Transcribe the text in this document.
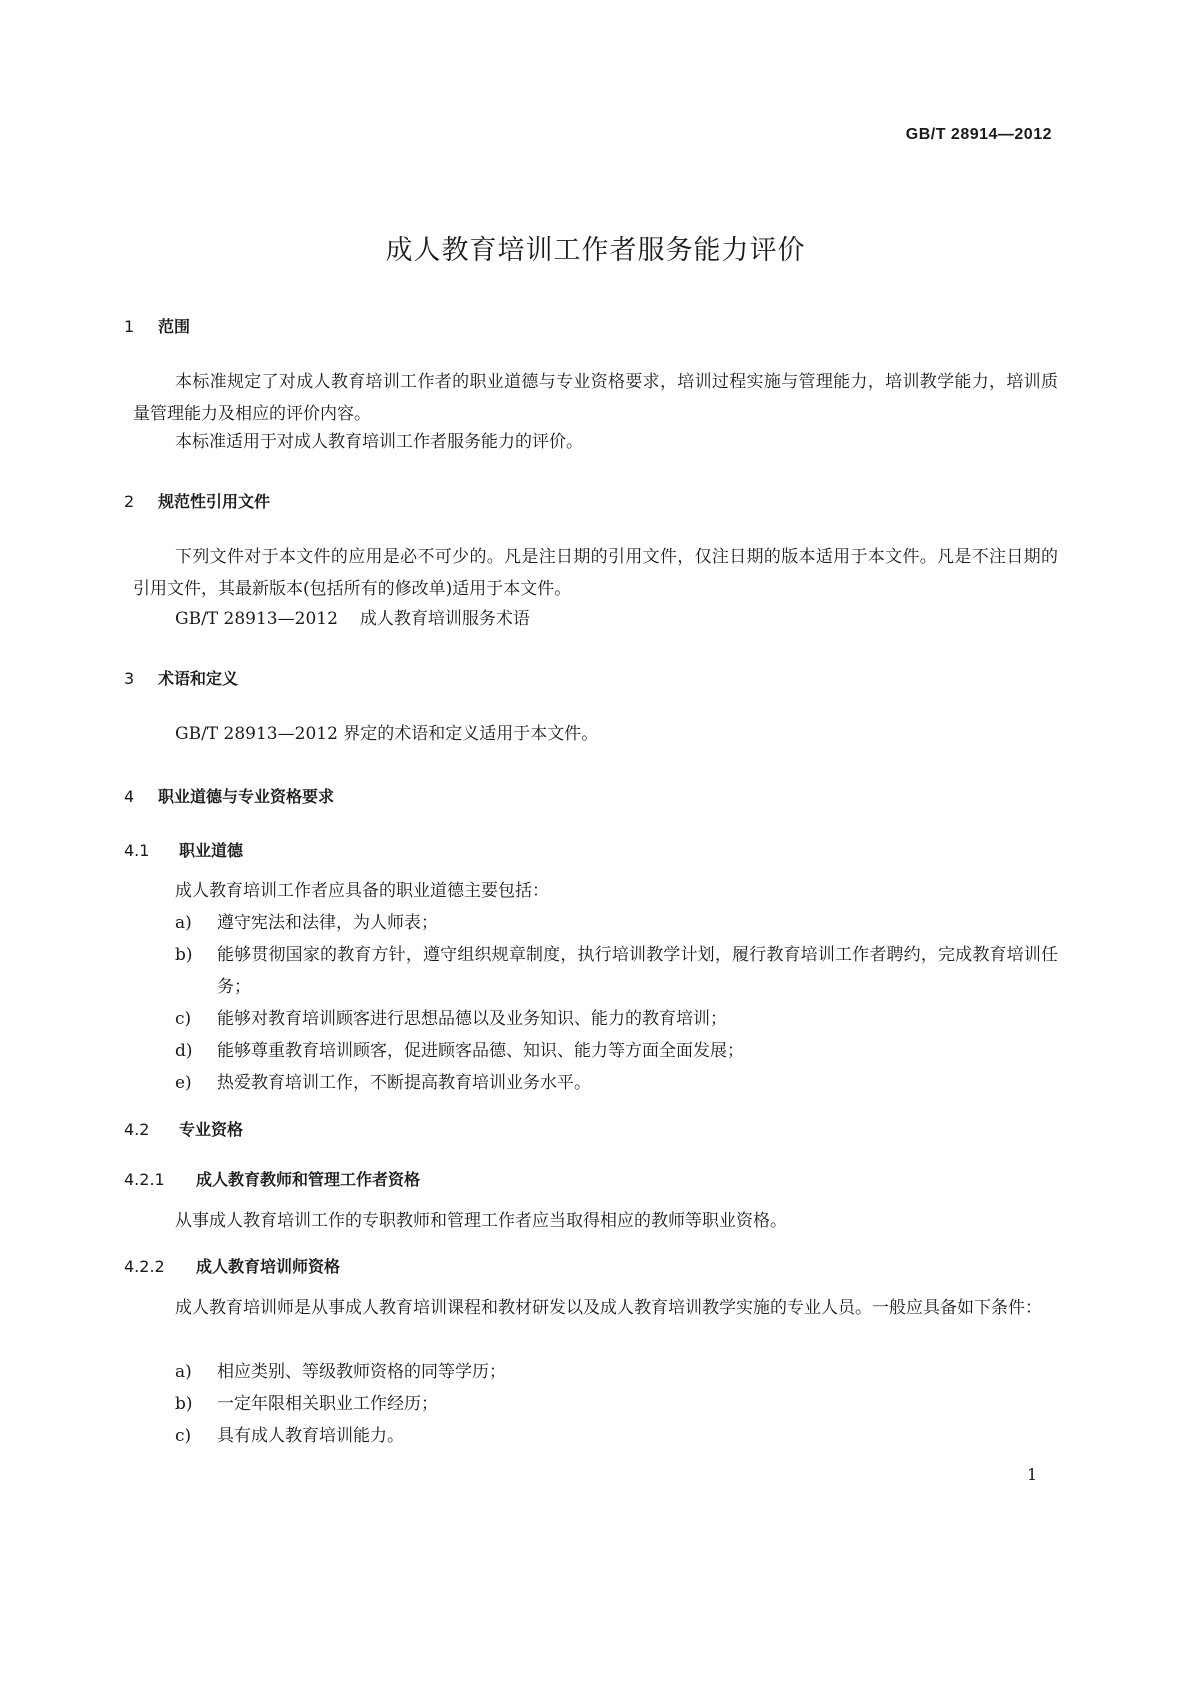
GB/T 28914—2012
成人教育培训工作者服务能力评价
1 范围

本标准规定了对成人教育培训工作者的职业道德与专业资格要求，培训过程实施与管理能力，培训教学能力，培训质量管理能力及相应的评价内容。

本标准适用于对成人教育培训工作者服务能力的评价。
2 规范性引用文件

下列文件对于本文件的应用是必不可少的。凡是注日期的引用文件，仅注日期的版本适用于本文件。凡是不注日期的引用文件，其最新版本(包括所有的修改单)适用于本文件。

GB/T 28913—2012 成人教育培训服务术语
3 术语和定义
GB/T 28913—2012 界定的术语和定义适用于本文件。
4 职业道德与专业资格要求
4.1 职业道德
成人教育培训工作者应具备的职业道德主要包括：
a) 遵守宪法和法律，为人师表；
b)	能够贯彻国家的教育方针，遵守组织规章制度，执行培训教学计划，履行教育培训工作者聘约，完成教育培训任务；
c) 能够对教育培训顾客进行思想品德以及业务知识、能力的教育培训；
d) 能够尊重教育培训顾客，促进顾客品德、知识、能力等方面全面发展；
e) 热爱教育培训工作，不断提高教育培训业务水平。
4.2 专业资格
4.2.1 成人教育教师和管理工作者资格
从事成人教育培训工作的专职教师和管理工作者应当取得相应的教师等职业资格。
4.2.2 成人教育培训师资格

成人教育培训师是从事成人教育培训课程和教材研发以及成人教育培训教学实施的专业人员。一般应具备如下条件：

a) 相应类别、等级教师资格的同等学历；
b) 一定年限相关职业工作经历；
c) 具有成人教育培训能力。
1
